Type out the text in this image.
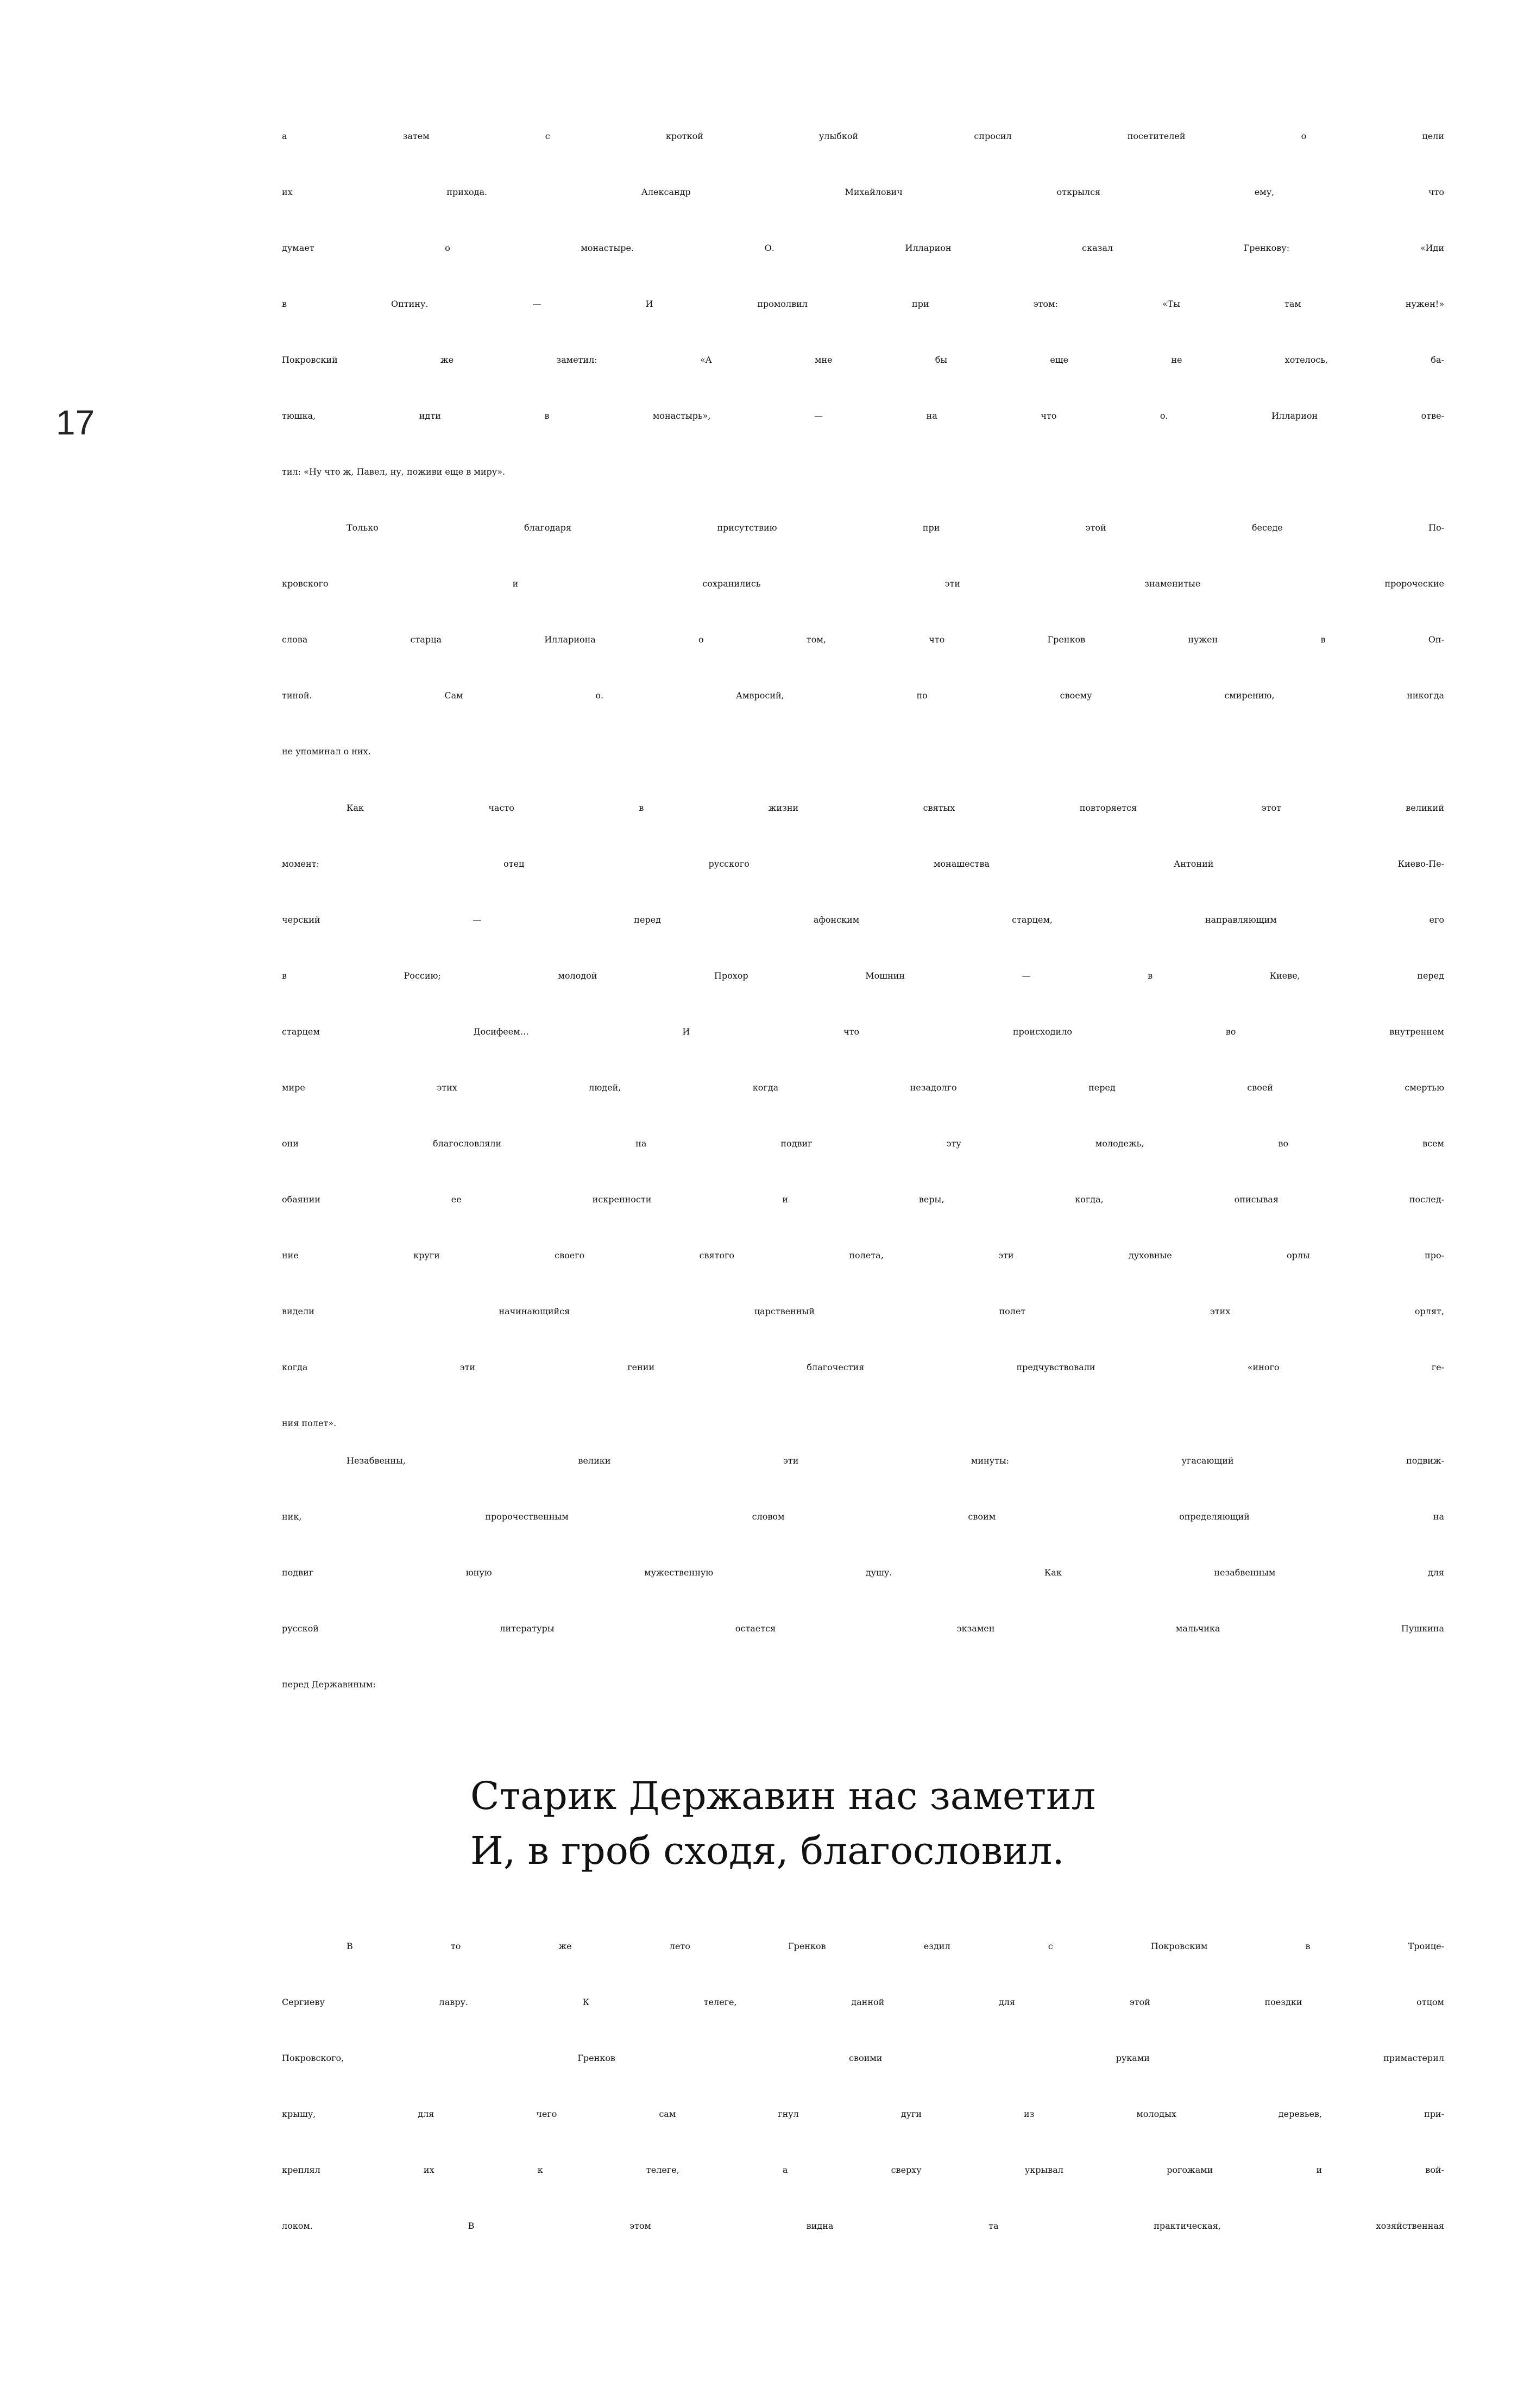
17
а затем с кроткой улыбкой спросил посетителей о цели
их прихода. Александр Михайлович открылся ему, что
думает о монастыре. О. Илларион сказал Гренкову: «Иди
в Оптину. — И промолвил при этом: «Ты там нужен!»
Покровский же заметил: «А мне бы еще не хотелось, ба-
тюшка, идти в монастырь», — на что о. Илларион отве-
тил: «Ну что ж, Павел, ну, поживи еще в миру».
Только благодаря присутствию при этой беседе По-
кровского и сохранились эти знаменитые пророческие
слова старца Иллариона о том, что Гренков нужен в Оп-
тиной. Сам о. Амвросий, по своему смирению, никогда
не упоминал о них.
Как часто в жизни святых повторяется этот великий
момент: отец русского монашества Антоний Киево-Пе-
черский — перед афонским старцем, направляющим его
в Россию; молодой Прохор Мошнин — в Киеве, перед
старцем Досифеем… И что происходило во внутреннем
мире этих людей, когда незадолго перед своей смертью
они благословляли на подвиг эту молодежь, во всем
обаянии ее искренности и веры, когда, описывая послед-
ние круги своего святого полета, эти духовные орлы про-
видели начинающийся царственный полет этих орлят,
когда эти гении благочестия предчувствовали «иного ге-
ния полет».
Незабвенны, велики эти минуты: угасающий подвиж-
ник, пророчественным словом своим определяющий на
подвиг юную мужественную душу. Как незабвенным для
русской литературы остается экзамен мальчика Пушкина
перед Державиным:
Старик Державин нас заметил
И, в гроб сходя, благословил.
В то же лето Гренков ездил с Покровским в Троице-
Сергиеву лавру. К телеге, данной для этой поездки отцом
Покровского, Гренков своими руками примастерил
крышу, для чего сам гнул дуги из молодых деревьев, при-
креплял их к телеге, а сверху укрывал рогожами и вой-
локом. В этом видна та практическая, хозяйственная
